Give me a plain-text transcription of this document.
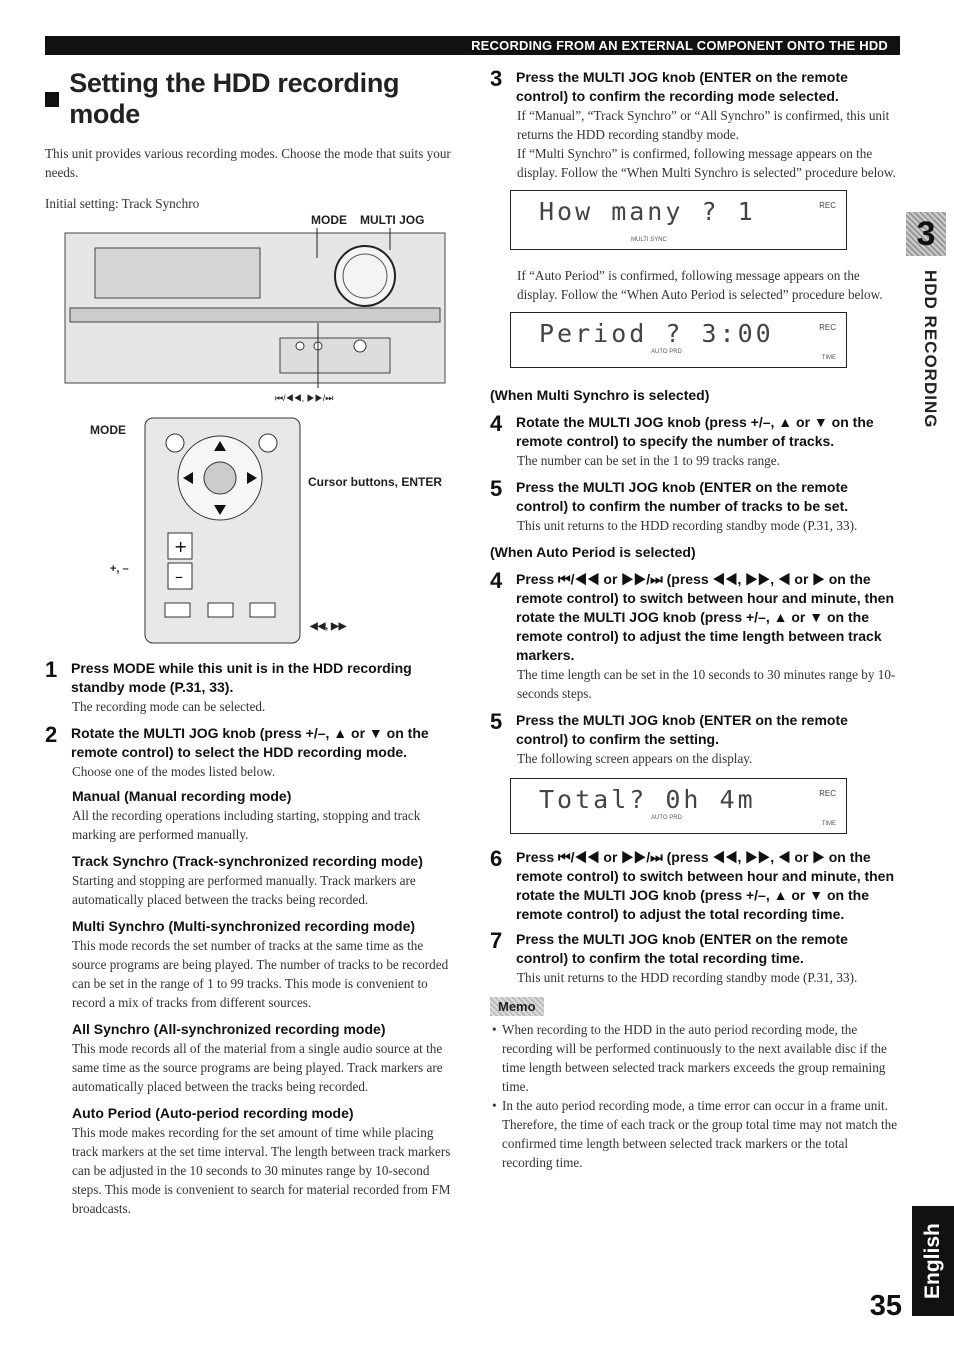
RECORDING FROM AN EXTERNAL COMPONENT ONTO THE HDD
Setting the HDD recording mode

This unit provides various recording modes. Choose the mode that suits your needs.

Initial setting: Track Synchro

MODE MULTI JOG
⏮/◀◀, ▶▶/⏭
+
–
MODE
Cursor buttons, ENTER
+, –
◀◀, ▶▶
1 Press MODE while this unit is in the HDD recording standby mode (P.31, 33).

The recording mode can be selected.

2 Rotate the MULTI JOG knob (press +/–, ▲ or ▼ on the remote control) to select the HDD recording mode.

Choose one of the modes listed below.

Manual (Manual recording mode)

All the recording operations including starting, stopping and track marking are performed manually.

Track Synchro (Track-synchronized recording mode)

Starting and stopping are performed manually. Track markers are automatically placed between the tracks being recorded.

Multi Synchro (Multi-synchronized recording mode)

This mode records the set number of tracks at the same time as the source programs are being played. The number of tracks to be recorded can be set in the range of 1 to 99 tracks. This mode is convenient to record a mix of tracks from different sources.

All Synchro (All-synchronized recording mode)

This mode records all of the material from a single audio source at the same time as the source programs are being played. Track markers are automatically placed between the tracks being recorded.

Auto Period (Auto-period recording mode)

This mode makes recording for the set amount of time while placing track markers at the set time interval. The length between track markers can be adjusted in the 10 seconds to 30 minutes range by 10-second steps. This mode is convenient to search for material recorded from FM broadcasts.

3 Press the MULTI JOG knob (ENTER on the remote control) to confirm the recording mode selected.

If “Manual”, “Track Synchro” or “All Synchro” is confirmed, this unit returns the HDD recording standby mode.

If “Multi Synchro” is confirmed, following message appears on the display. Follow the “When Multi Synchro is selected” procedure below.

How many ? 1	REC
MULTI SYNC

If “Auto Period” is confirmed, following message appears on the display. Follow the “When Auto Period is selected” procedure below.

Period ? 3:00	REC
AUTO PRD
TIME
(When Multi Synchro is selected)
4 Rotate the MULTI JOG knob (press +/–, ▲ or ▼ on the remote control) to specify the number of tracks.

The number can be set in the 1 to 99 tracks range.

5 Press the MULTI JOG knob (ENTER on the remote control) to confirm the number of tracks to be set.

This unit returns to the HDD recording standby mode (P.31, 33).

(When Auto Period is selected)
4 Press ⏮/◀◀ or ▶▶/⏭ (press ◀◀, ▶▶, ◀ or ▶ on the remote control) to switch between hour and minute, then rotate the MULTI JOG knob (press +/–, ▲ or ▼ on the remote control) to adjust the time length between track markers.

The time length can be set in the 10 seconds to 30 minutes range by 10-seconds steps.

5 Press the MULTI JOG knob (ENTER on the remote control) to confirm the setting.

The following screen appears on the display.

Total? 0h 4m	REC
AUTO PRD
TIME
6 Press ⏮/◀◀ or ▶▶/⏭ (press ◀◀, ▶▶, ◀ or ▶ on the remote control) to switch between hour and minute, then rotate the MULTI JOG knob (press +/–, ▲ or ▼ on the remote control) to adjust the total recording time.
7 Press the MULTI JOG knob (ENTER on the remote control) to confirm the total recording time.

This unit returns to the HDD recording standby mode (P.31, 33).

Memo
• When recording to the HDD in the auto period recording mode, the recording will be performed continuously to the next available disc if the time length between selected track markers exceeds the group remaining time.
• In the auto period recording mode, a time error can occur in a frame unit. Therefore, the time of each track or the group total time may not match the confirmed time length between selected track markers or the total recording time.
3
HDD RECORDING
English
35
